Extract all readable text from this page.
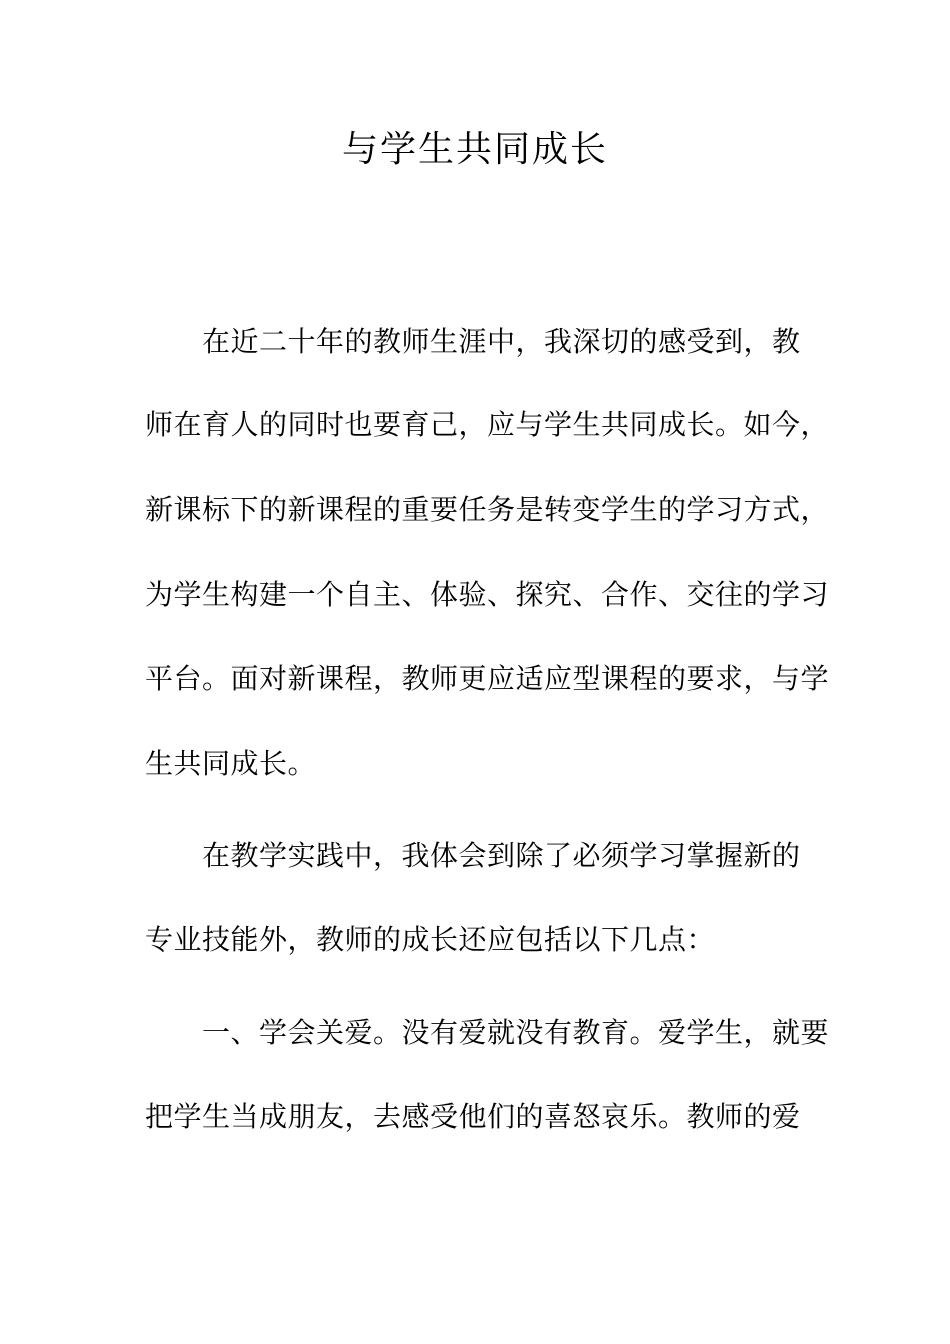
与学生共同成长
在近二十年的教师生涯中，我深切的感受到，教
师在育人的同时也要育己，应与学生共同成长。如今，
新课标下的新课程的重要任务是转变学生的学习方式，
为学生构建一个自主、体验、探究、合作、交往的学习
平台。面对新课程，教师更应适应型课程的要求，与学
生共同成长。
在教学实践中，我体会到除了必须学习掌握新的
专业技能外，教师的成长还应包括以下几点：
一、学会关爱。没有爱就没有教育。爱学生，就要
把学生当成朋友，去感受他们的喜怒哀乐。教师的爱
